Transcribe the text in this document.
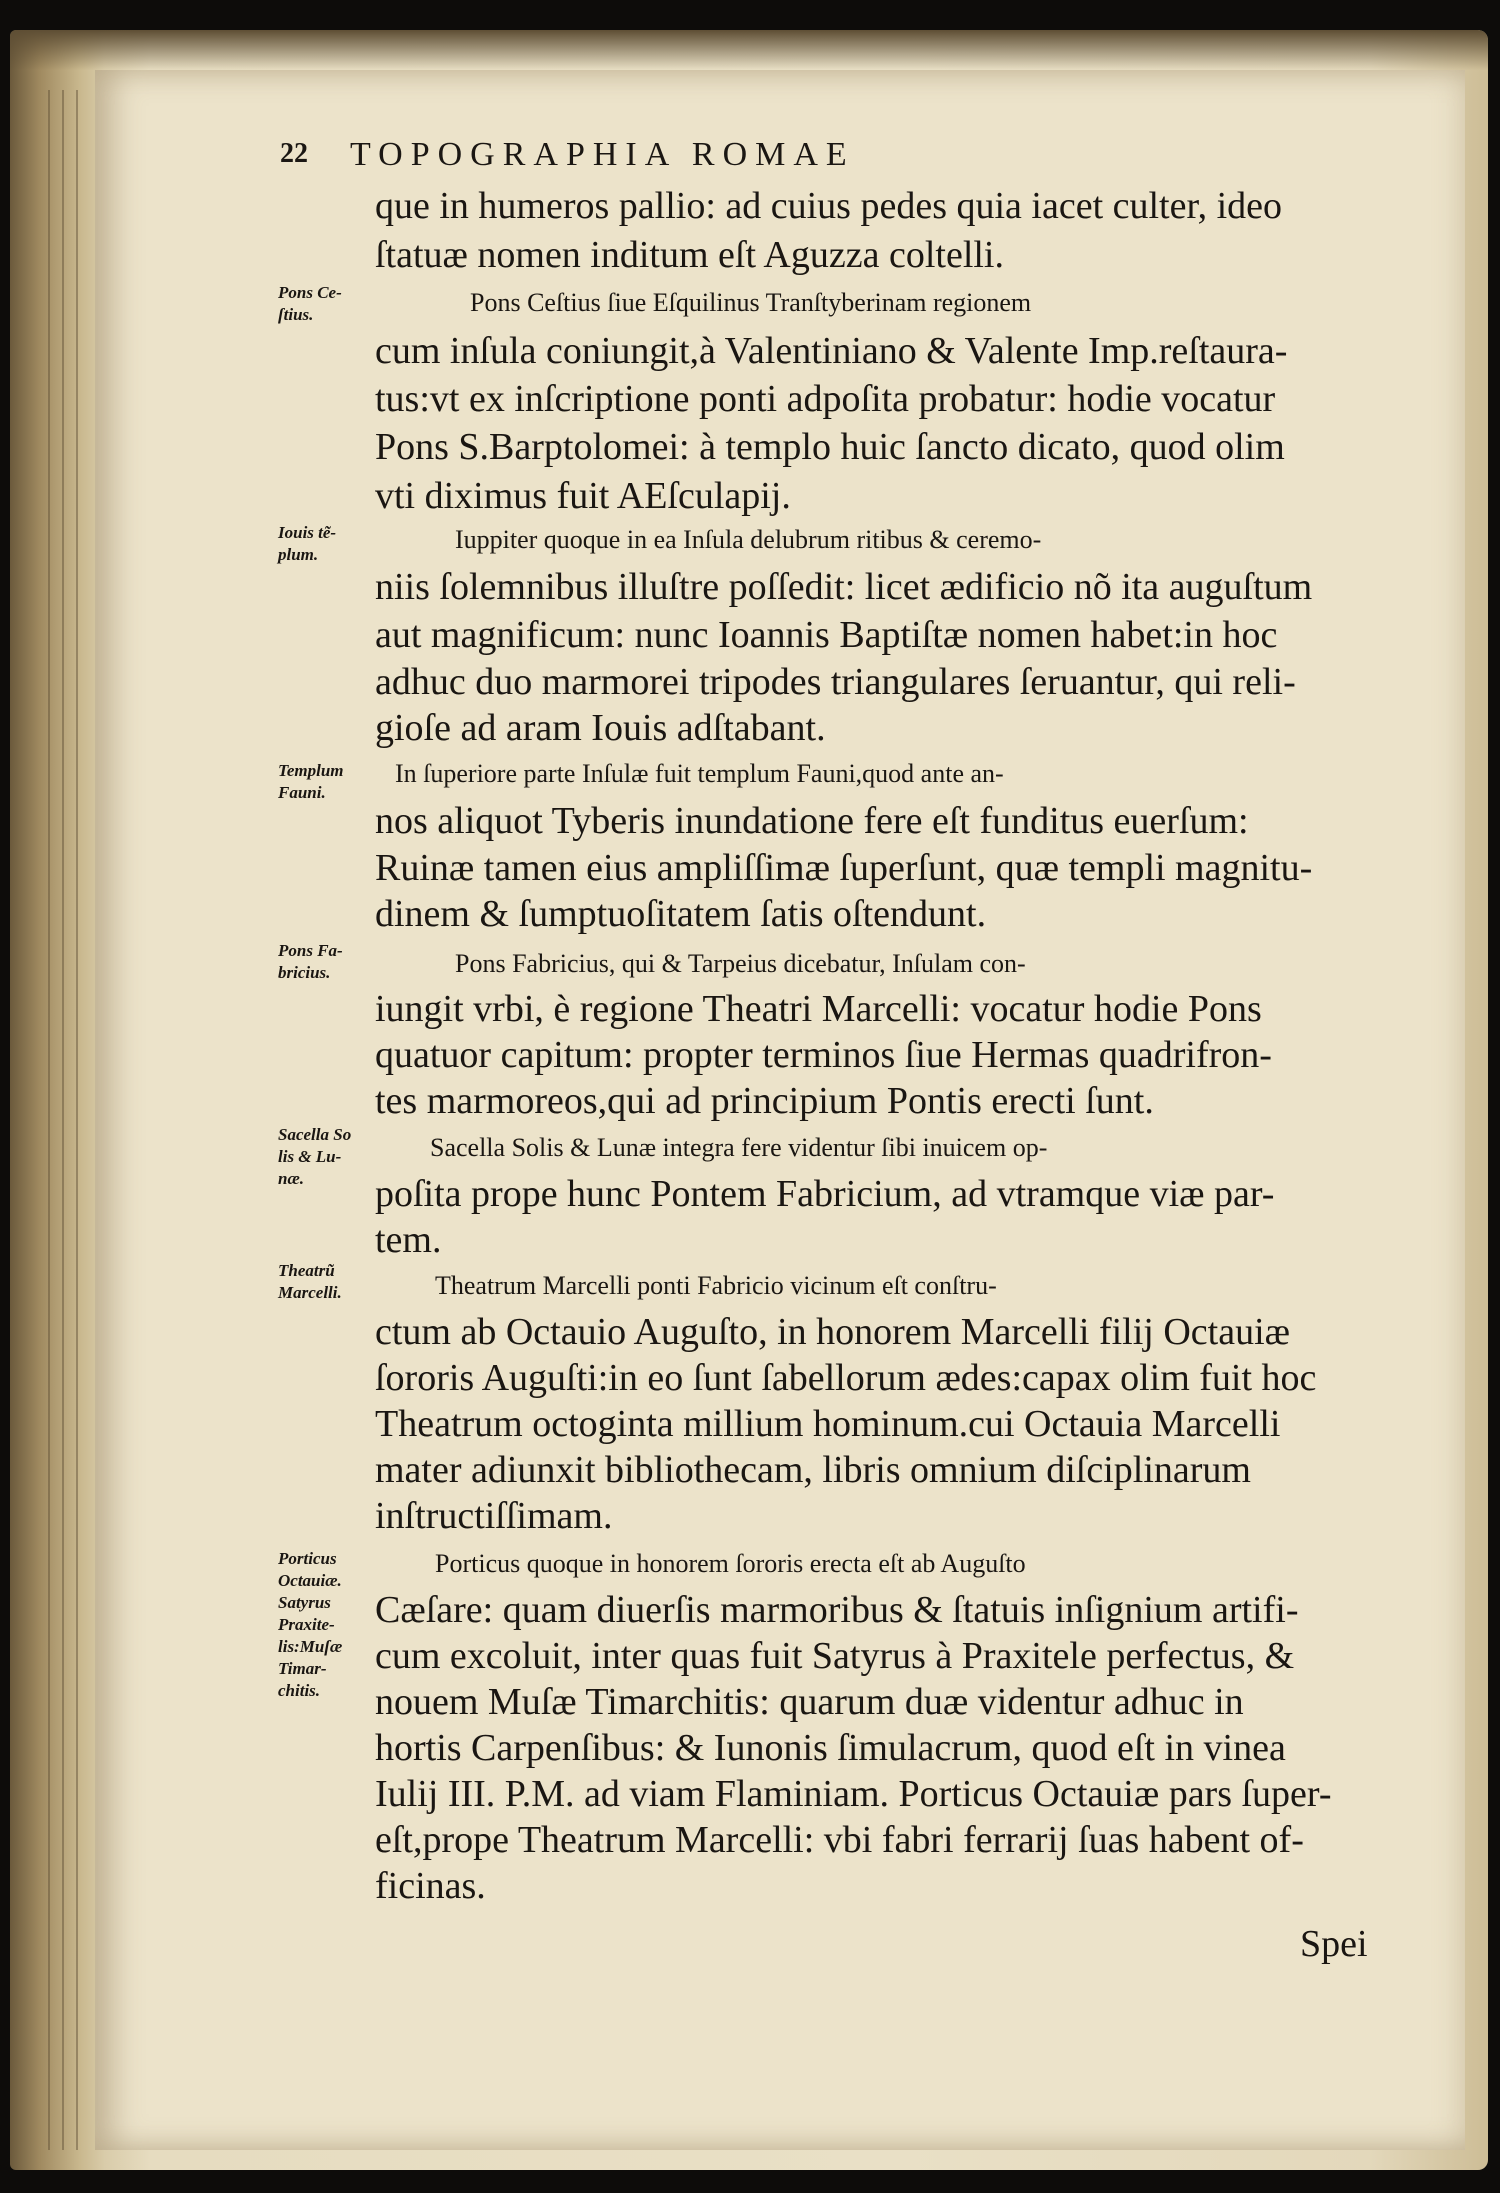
22 TOPOGRAPHIA ROMAE
que in humeros pallio: ad cuius pedes quia iacet culter, ideo
ſtatuæ nomen inditum eſt Aguzza coltelli.
Pons Ceſtius ſiue Eſquilinus Tranſtyberinam regionem
cum inſula coniungit,à Valentiniano & Valente Imp.reſtaura-
tus:vt ex inſcriptione ponti adpoſita probatur: hodie vocatur
Pons S.Barptolomei: à templo huic ſancto dicato, quod olim
vti diximus fuit AEſculapij.
Iuppiter quoque in ea Inſula delubrum ritibus & ceremo-
niis ſolemnibus illuſtre poſſedit: licet ædificio nõ ita auguſtum
aut magnificum: nunc Ioannis Baptiſtæ nomen habet:in hoc
adhuc duo marmorei tripodes triangulares ſeruantur, qui reli-
gioſe ad aram Iouis adſtabant.
In ſuperiore parte Inſulæ fuit templum Fauni,quod ante an-
nos aliquot Tyberis inundatione fere eſt funditus euerſum:
Ruinæ tamen eius ampliſſimæ ſuperſunt, quæ templi magnitu-
dinem & ſumptuoſitatem ſatis oſtendunt.
Pons Fabricius, qui & Tarpeius dicebatur, Inſulam con-
iungit vrbi, è regione Theatri Marcelli: vocatur hodie Pons
quatuor capitum: propter terminos ſiue Hermas quadrifron-
tes marmoreos,qui ad principium Pontis erecti ſunt.
Sacella Solis & Lunæ integra fere videntur ſibi inuicem op-
poſita prope hunc Pontem Fabricium, ad vtramque viæ par-
tem.
Theatrum Marcelli ponti Fabricio vicinum eſt conſtru-
ctum ab Octauio Auguſto, in honorem Marcelli filij Octauiæ
ſororis Auguſti:in eo ſunt ſabellorum ædes:capax olim fuit hoc
Theatrum octoginta millium hominum.cui Octauia Marcelli
mater adiunxit bibliothecam, libris omnium diſciplinarum
inſtructiſſimam.
Porticus quoque in honorem ſororis erecta eſt ab Auguſto
Cæſare: quam diuerſis marmoribus & ſtatuis inſignium artifi-
cum excoluit, inter quas fuit Satyrus à Praxitele perfectus, &
nouem Muſæ Timarchitis: quarum duæ videntur adhuc in
hortis Carpenſibus: & Iunonis ſimulacrum, quod eſt in vinea
Iulij III. P.M. ad viam Flaminiam. Porticus Octauiæ pars ſuper-
eſt,prope Theatrum Marcelli: vbi fabri ferrarij ſuas habent of-
ficinas.
Pons Ce-
ſtius.
Iouis tẽ-
plum.
Templum
Fauni.
Pons Fa-
bricius.
Sacella So
lis & Lu-
næ.
Theatrũ
Marcelli.
Porticus
Octauiæ.
Satyrus
Praxite-
lis:Muſæ
Timar-
chitis.
Spei
